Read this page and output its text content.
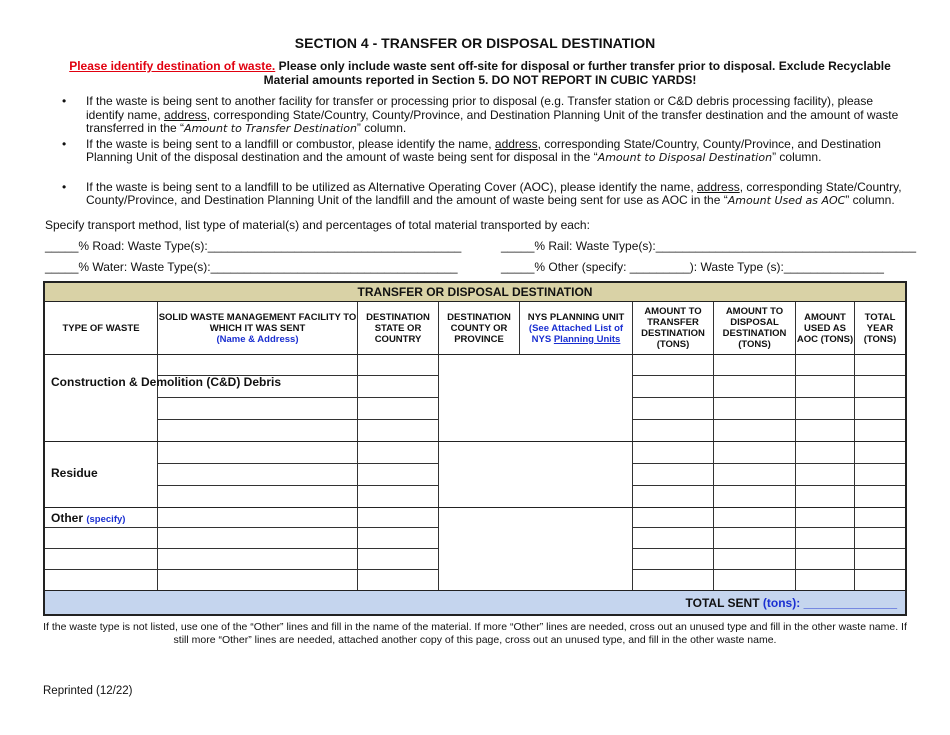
SECTION 4 - TRANSFER OR DISPOSAL DESTINATION
Please identify destination of waste. Please only include waste sent off-site for disposal or further transfer prior to disposal. Exclude Recyclable Material amounts reported in Section 5. DO NOT REPORT IN CUBIC YARDS!
• If the waste is being sent to another facility for transfer or processing prior to disposal (e.g. Transfer station or C&D debris processing facility), please identify name, address, corresponding State/Country, County/Province, and Destination Planning Unit of the transfer destination and the amount of waste transferred in the “Amount to Transfer Destination” column.
• If the waste is being sent to a landfill or combustor, please identify the name, address, corresponding State/Country, County/Province, and Destination Planning Unit of the disposal destination and the amount of waste being sent for disposal in the “Amount to Disposal Destination” column.
• If the waste is being sent to a landfill to be utilized as Alternative Operating Cover (AOC), please identify the name, address, corresponding State/Country, County/Province, and Destination Planning Unit of the landfill and the amount of waste being sent for use as AOC in the “Amount Used as AOC” column.
Specify transport method, list type of material(s) and percentages of total material transported by each:
_____% Road: Waste Type(s):______________________________________	_____% Rail: Waste Type(s):_______________________________________
_____% Water: Waste Type(s):_____________________________________	_____% Other (specify: _________): Waste Type (s):_______________
TRANSFER OR DISPOSAL DESTINATION
TYPE OF WASTE
SOLID WASTE MANAGEMENT FACILITY TO
WHICH IT WAS SENT
(Name & Address)
DESTINATION STATE OR COUNTRY
DESTINATION COUNTY OR PROVINCE
NYS PLANNING UNIT
(See Attached List of
NYS Planning Units
AMOUNT TO TRANSFER DESTINATION (TONS)
AMOUNT TO DISPOSAL DESTINATION (TONS)
AMOUNT USED AS AOC (TONS)
TOTAL YEAR (TONS)
Construction & Demolition (C&D) Debris
Residue
Other (specify)
TOTAL SENT (tons): ______________
If the waste type is not listed, use one of the “Other” lines and fill in the name of the material. If more “Other” lines are needed, cross out an unused type and fill in the other waste name. If still more “Other” lines are needed, attached another copy of this page, cross out an unused type, and fill in the other waste name.
Reprinted (12/22)
